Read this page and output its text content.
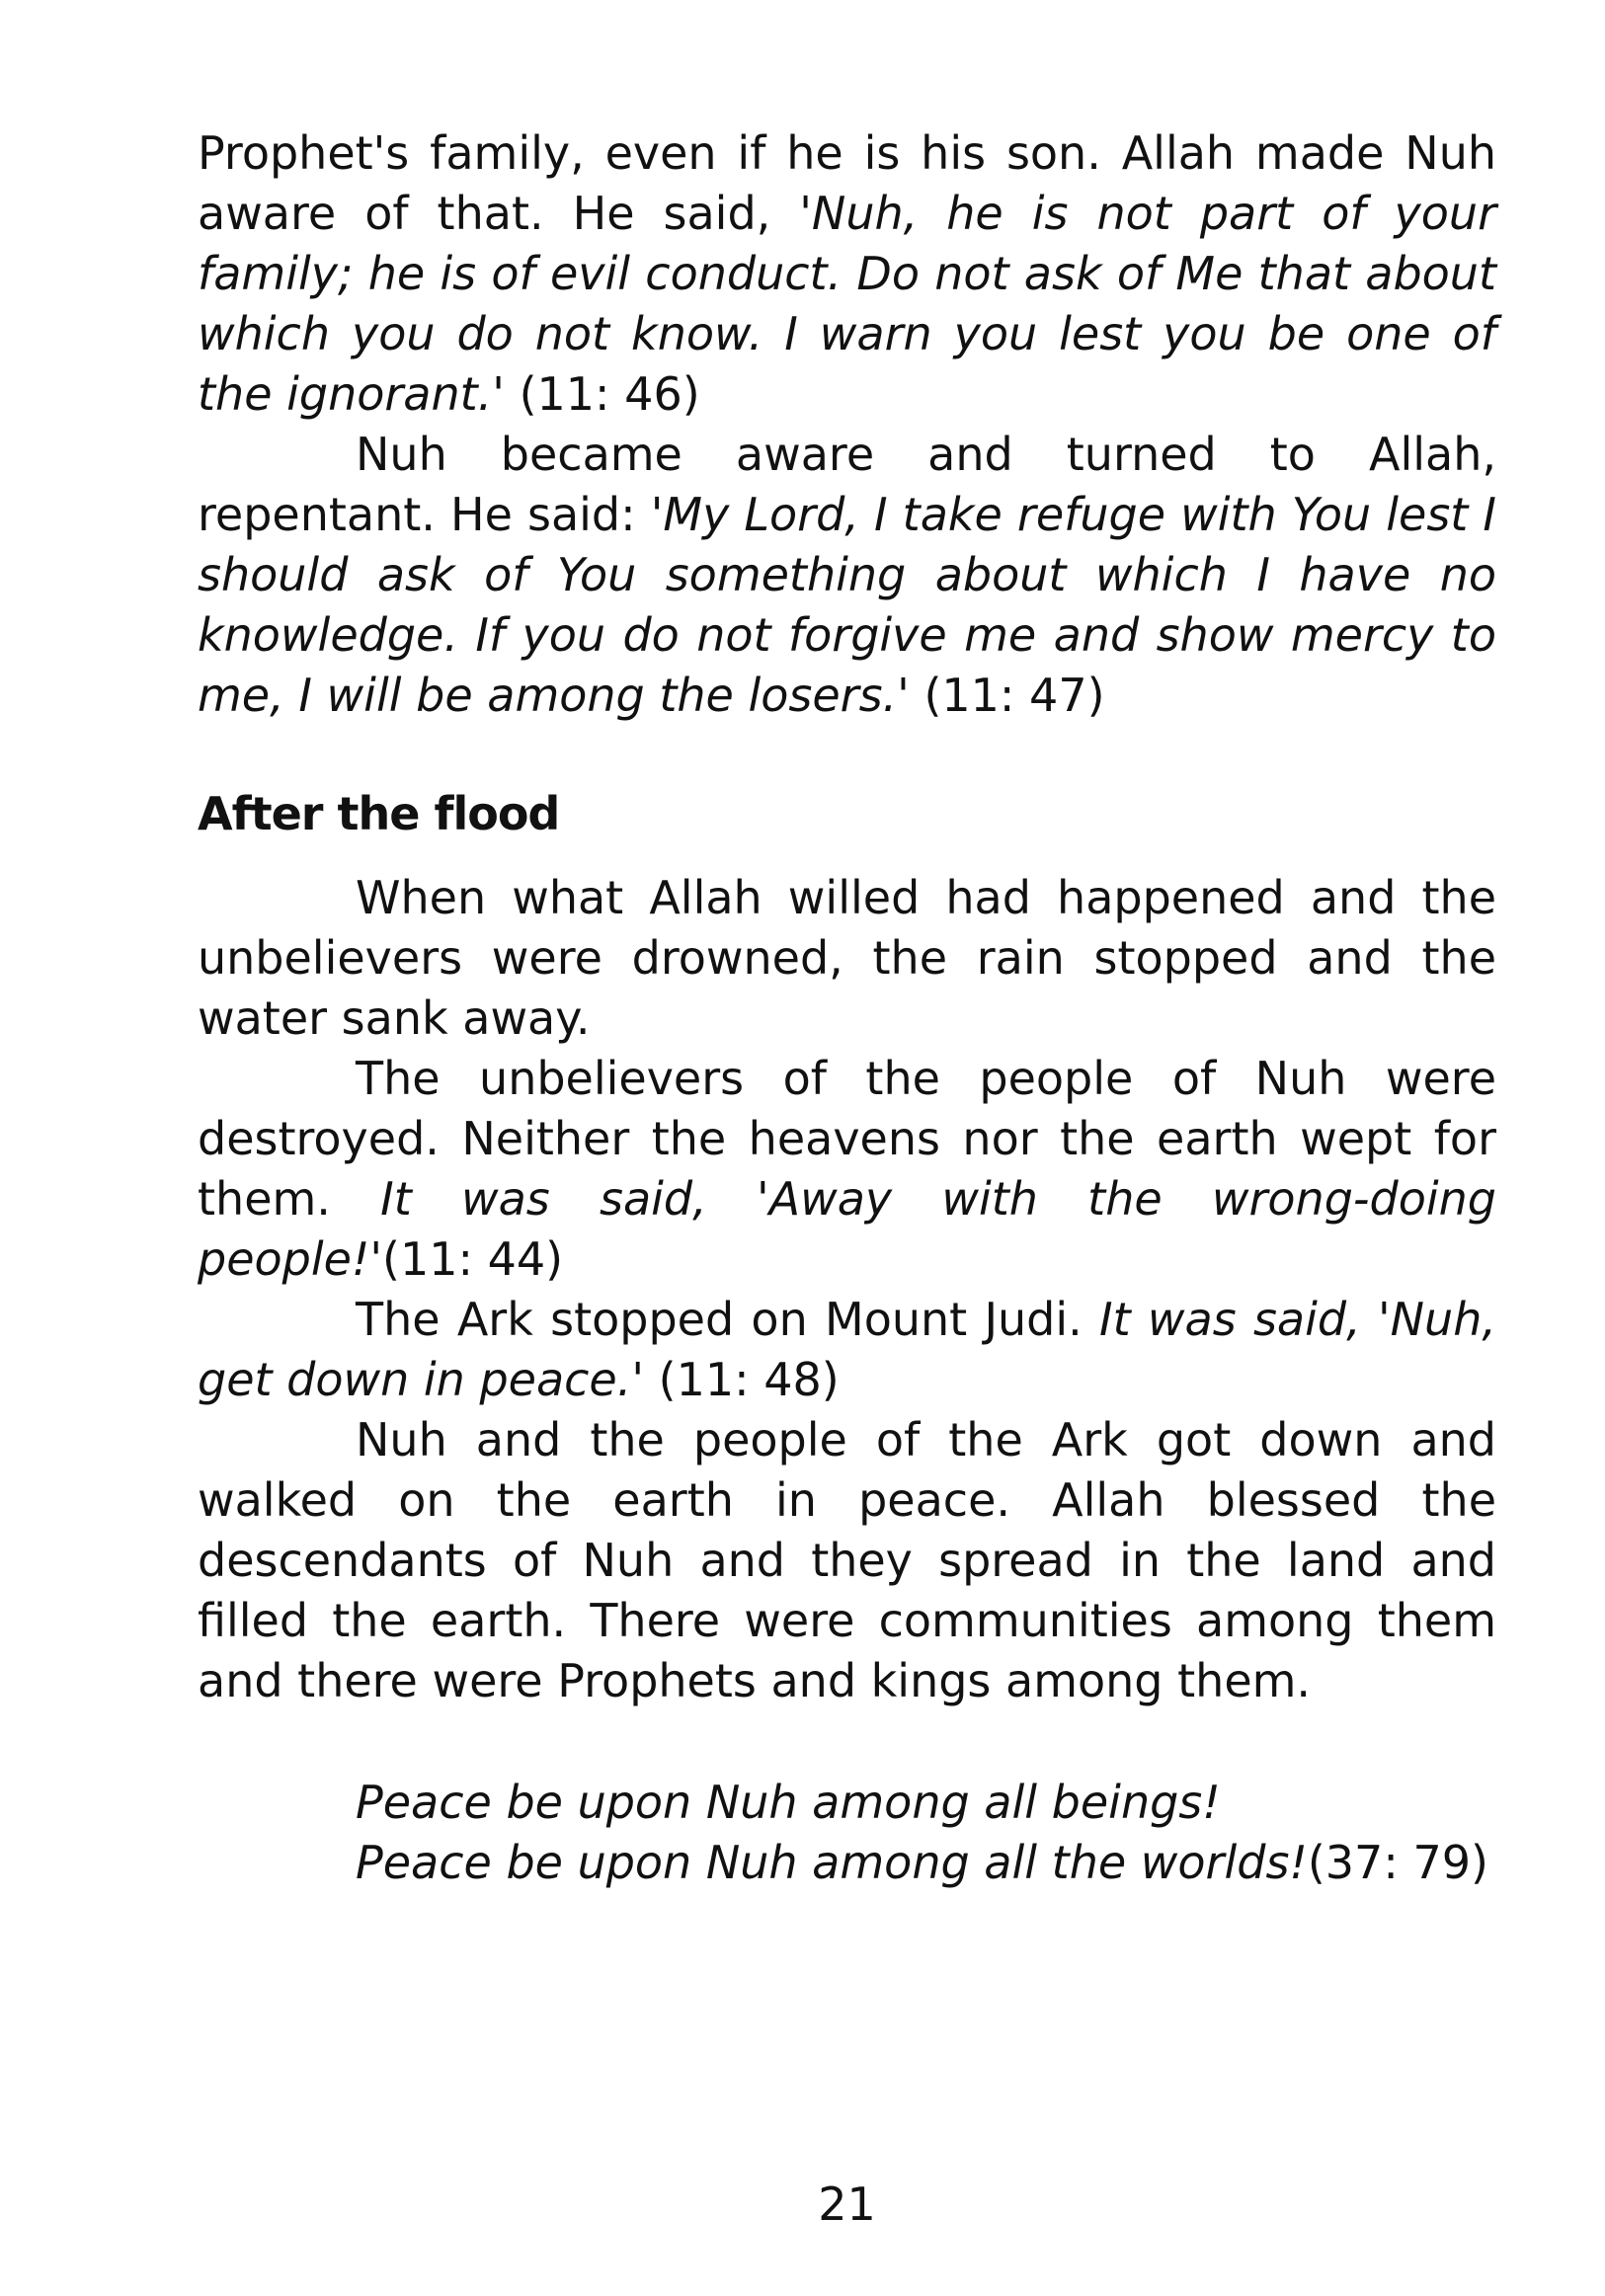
Prophet's family, even if he is his son. Allah made Nuh aware of that. He said, 'Nuh, he is not part of your family; he is of evil conduct. Do not ask of Me that about which you do not know. I warn you lest you be one of the ignorant.' (11: 46)

Nuh became aware and turned to Allah, repentant. He said: 'My Lord, I take refuge with You lest I should ask of You something about which I have no knowledge. If you do not forgive me and show mercy to me, I will be among the losers.' (11: 47)

After the flood

When what Allah willed had happened and the unbelievers were drowned, the rain stopped and the water sank away.

The unbelievers of the people of Nuh were destroyed. Neither the heavens nor the earth wept for them. It was said, 'Away with the wrong-doing people!'(11: 44)

The Ark stopped on Mount Judi. It was said, 'Nuh, get down in peace.' (11: 48)

Nuh and the people of the Ark got down and walked on the earth in peace. Allah blessed the descendants of Nuh and they spread in the land and filled the earth. There were communities among them and there were Prophets and kings among them.

Peace be upon Nuh among all beings!

Peace be upon Nuh among all the worlds!(37: 79)

21
